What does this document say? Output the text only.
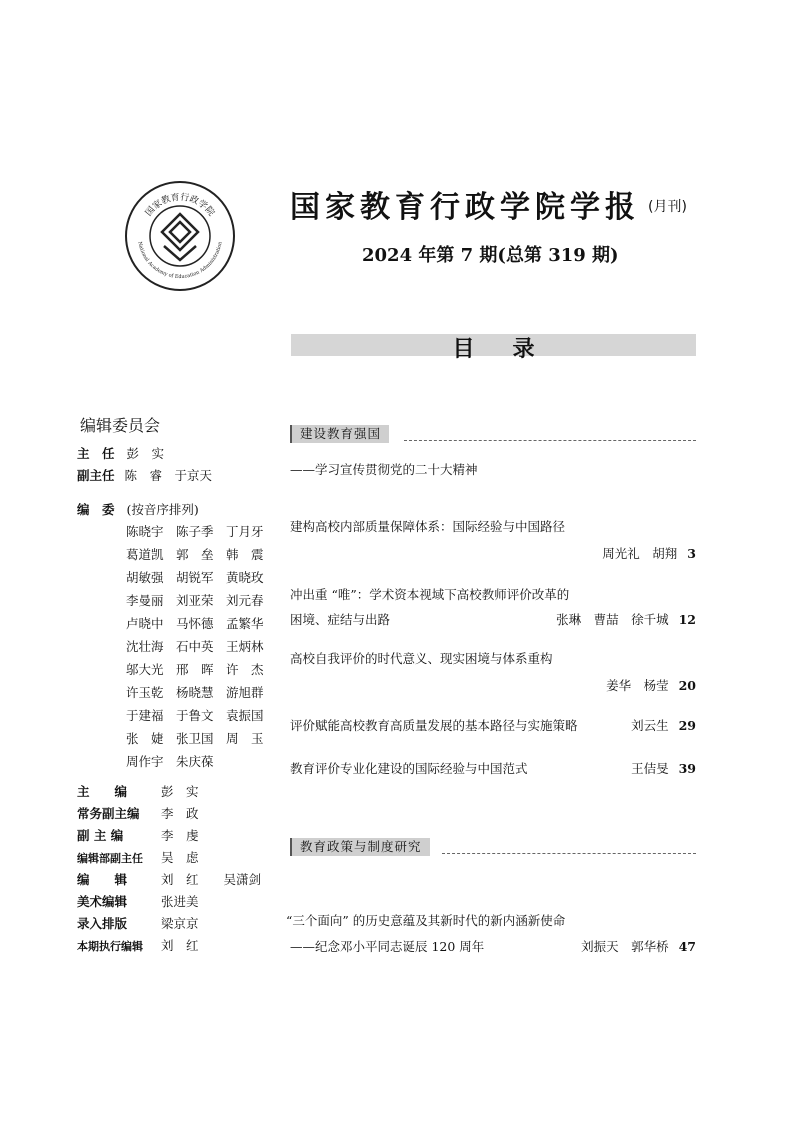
国家教育行政学院
National Academy of Education Administration
国家教育行政学院学报 (月刊)
2024 年第 7 期(总第 319 期)
目录
编辑委员会
主　任 彭　实
副主任 陈　睿　于京天
编　委 (按音序排列)
陈晓宇　陈子季　丁月牙
葛道凯　郭　垒　韩　震
胡敏强　胡锐军　黄晓玫
李曼丽　刘亚荣　刘元春
卢晓中　马怀德　孟繁华
沈壮海　石中英　王炳林
邬大光　邢　晖　许　杰
许玉乾　杨晓慧　游旭群
于建福　于鲁文　袁振国
张　婕　张卫国　周　玉
周作宇　朱庆葆
主　　编	彭　实
常务副主编 李　政
副 主 编	李　虔
编辑部副主任 吴　虑
编　　辑	刘　红　　吴潇剑
美术编辑	张进美
录入排版	梁京京
本期执行编辑 刘　红
建设教育强国
——学习宣传贯彻党的二十大精神
建构高校内部质量保障体系：国际经验与中国路径
周光礼　胡翔 3
冲出重 “唯”：学术资本视域下高校教师评价改革的
困境、症结与出路	张琳　曹喆　徐千城 12
高校自我评价的时代意义、现实困境与体系重构
姜华　杨莹 20
评价赋能高校教育高质量发展的基本路径与实施策略	刘云生 29
教育评价专业化建设的国际经验与中国范式	王佶旻 39
教育政策与制度研究
“三个面向” 的历史意蕴及其新时代的新内涵新使命
——纪念邓小平同志诞辰 120 周年	刘振天　郭华桥 47
